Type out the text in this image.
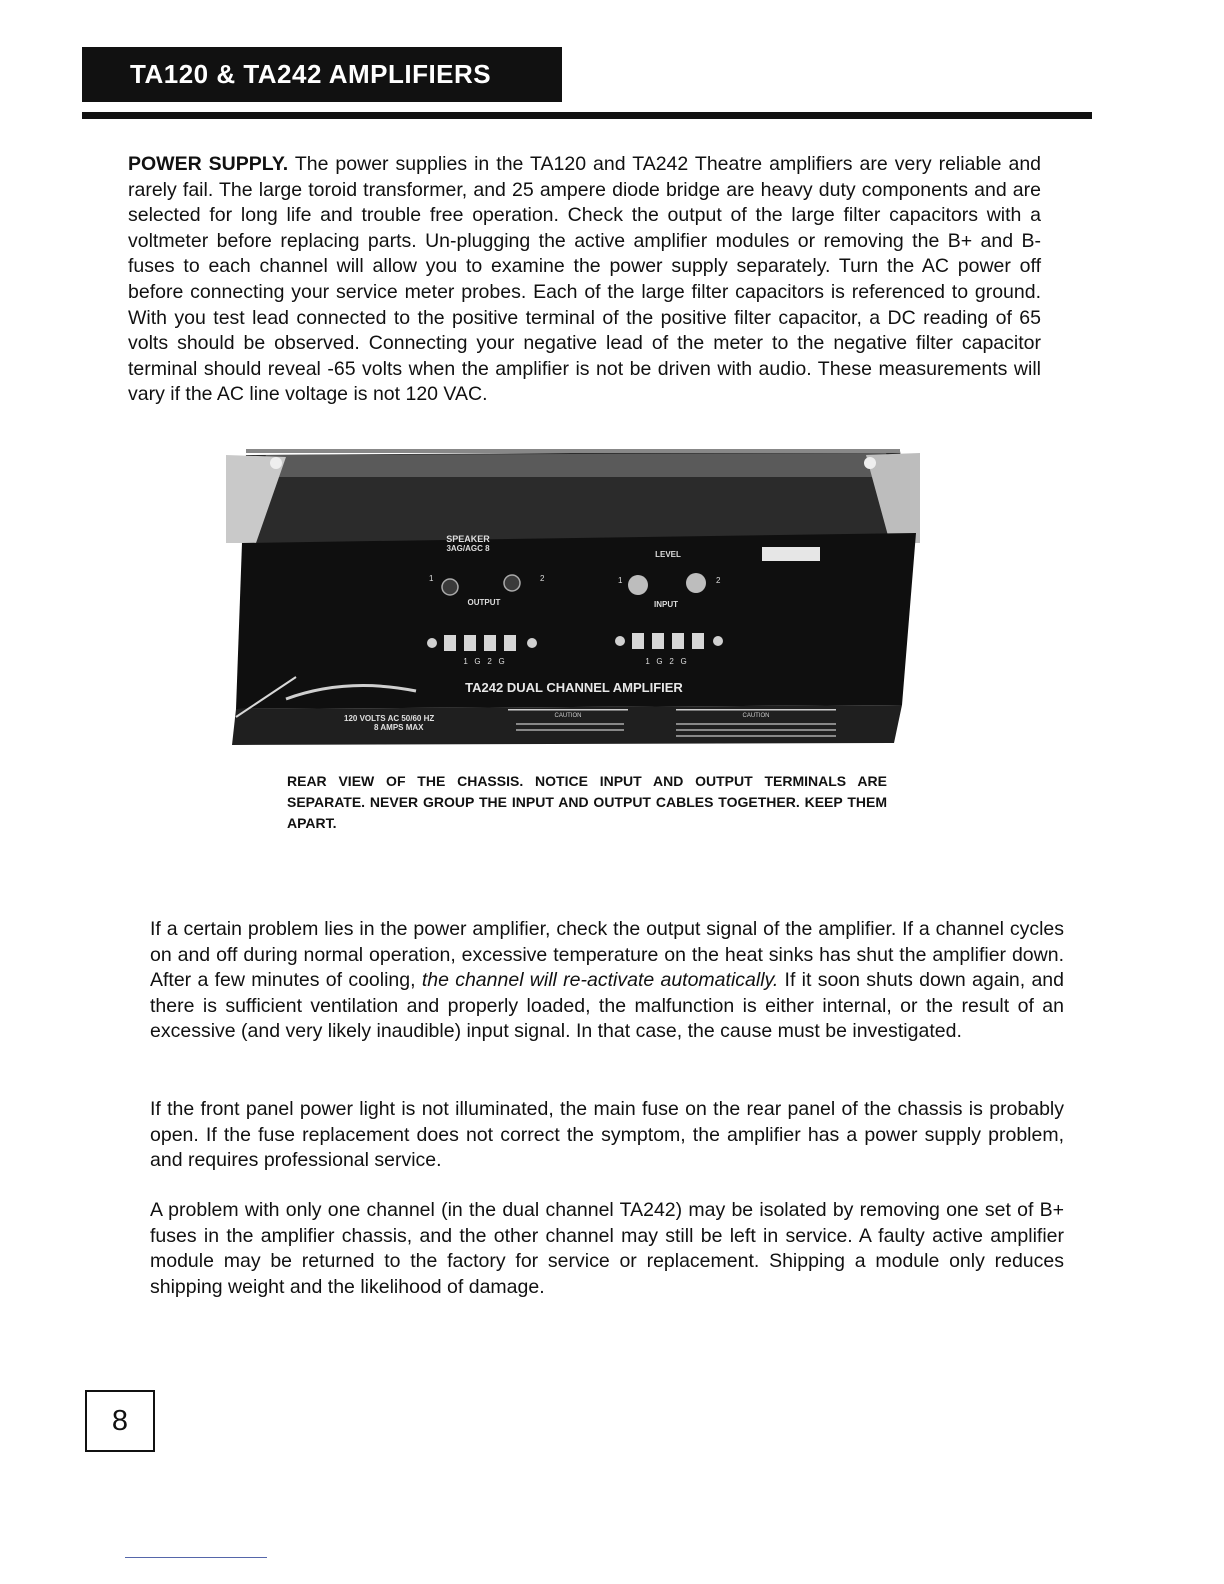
TA120 & TA242 AMPLIFIERS

POWER SUPPLY. The power supplies in the TA120 and TA242 Theatre amplifiers are very reliable and rarely fail. The large toroid transformer, and 25 ampere diode bridge are heavy duty components and are selected for long life and trouble free operation. Check the output of the large filter capacitors with a voltmeter before replacing parts. Un-plugging the active amplifier modules or removing the B+ and B- fuses to each channel will allow you to examine the power supply separately. Turn the AC power off before connecting your service meter probes. Each of the large filter capacitors is referenced to ground. With you test lead connected to the positive terminal of the positive filter capacitor, a DC reading of 65 volts should be observed. Connecting your negative lead of the meter to the negative filter capacitor terminal should reveal -65 volts when the amplifier is not be driven with audio. These measurements will vary if the AC line voltage is not 120 VAC.

SPEAKER
3AG/AGC 8
LEVEL
1	2
OUTPUT
1	2
INPUT
1   G   2   G	1   G   2   G
TA242 DUAL CHANNEL AMPLIFIER
120 VOLTS AC 50/60 HZ
8 AMPS MAX
CAUTION	CAUTION

REAR VIEW OF THE CHASSIS. NOTICE INPUT AND OUTPUT TERMINALS ARE SEPARATE. NEVER GROUP THE INPUT AND OUTPUT CABLES TOGETHER. KEEP THEM APART.

If a certain problem lies in the power amplifier, check the output signal of the amplifier. If a channel cycles on and off during normal operation, excessive temperature on the heat sinks has shut the amplifier down. After a few minutes of cooling, the channel will re-activate automatically. If it soon shuts down again, and there is sufficient ventilation and properly loaded, the malfunction is either internal, or the result of an excessive (and very likely inaudible) input signal. In that case, the cause must be investigated.

If the front panel power light is not illuminated, the main fuse on the rear panel of the chassis is probably open. If the fuse replacement does not correct the symptom, the amplifier has a power supply problem, and requires professional service.

A problem with only one channel (in the dual channel TA242) may be isolated by removing one set of B+ fuses in the amplifier chassis, and the other channel may still be left in service. A faulty active amplifier module may be returned to the factory for service or replacement. Shipping a module only reduces shipping weight and the likelihood of damage.

8
